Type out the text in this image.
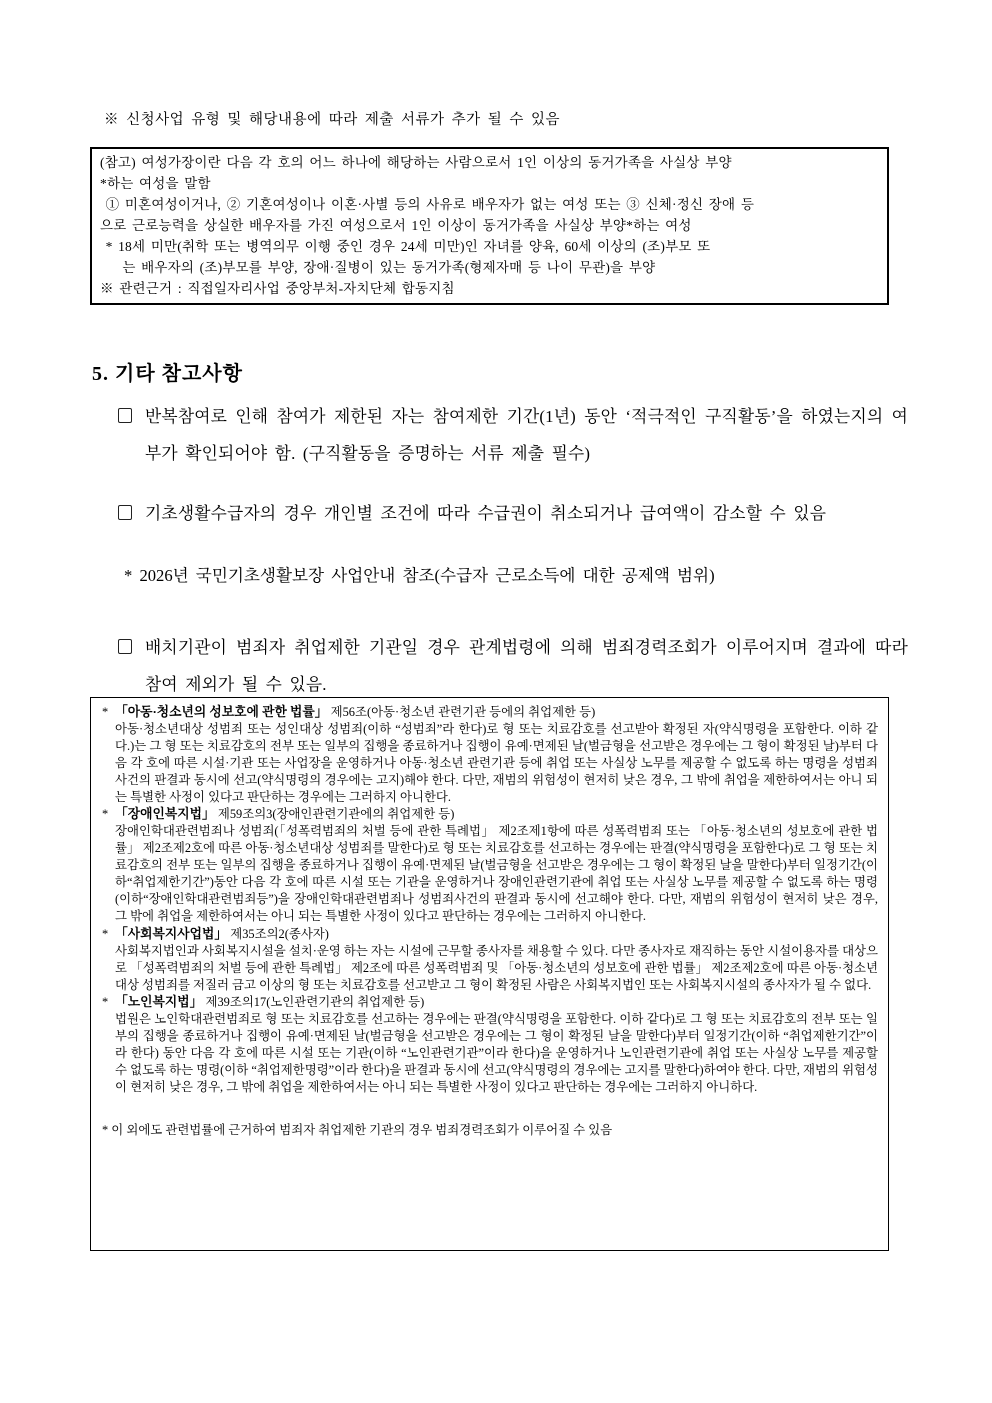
※ 신청사업 유형 및 해당내용에 따라 제출 서류가 추가 될 수 있음
(참고) 여성가장이란 다음 각 호의 어느 하나에 해당하는 사람으로서 1인 이상의 동거가족을 사실상 부양
*하는 여성을 말함
① 미혼여성이거나, ② 기혼여성이나 이혼·사별 등의 사유로 배우자가 없는 여성 또는 ③ 신체·정신 장애 등
으로 근로능력을 상실한 배우자를 가진 여성으로서 1인 이상이 동거가족을 사실상 부양*하는 여성
* 18세 미만(취학 또는 병역의무 이행 중인 경우 24세 미만)인 자녀를 양육, 60세 이상의 (조)부모 또
는 배우자의 (조)부모를 부양, 장애·질병이 있는 동거가족(형제자매 등 나이 무관)을 부양
※ 관련근거 : 직접일자리사업 중앙부처-자치단체 합동지침
5. 기타 참고사항
반복참여로 인해 참여가 제한된 자는 참여제한 기간(1년) 동안 ‘적극적인 구직활동’을 하였는지의 여부가 확인되어야 함. (구직활동을 증명하는 서류 제출 필수)
기초생활수급자의 경우 개인별 조건에 따라 수급권이 취소되거나 급여액이 감소할 수 있음
* 2026년 국민기초생활보장 사업안내 참조(수급자 근로소득에 대한 공제액 범위)
배치기관이 범죄자 취업제한 기관일 경우 관계법령에 의해 범죄경력조회가 이루어지며 결과에 따라 참여 제외가 될 수 있음.
* 「아동·청소년의 성보호에 관한 법률」 제56조(아동·청소년 관련기관 등에의 취업제한 등)
아동·청소년대상 성범죄 또는 성인대상 성범죄(이하 “성범죄”라 한다)로 형 또는 치료감호를 선고받아 확정된 자(약식명령을 포함한다. 이하 같다.)는 그 형 또는 치료감호의 전부 또는 일부의 집행을 종료하거나 집행이 유예·면제된 날(벌금형을 선고받은 경우에는 그 형이 확정된 날)부터 다음 각 호에 따른 시설·기관 또는 사업장을 운영하거나 아동·청소년 관련기관 등에 취업 또는 사실상 노무를 제공할 수 없도록 하는 명령을 성범죄 사건의 판결과 동시에 선고(약식명령의 경우에는 고지)해야 한다. 다만, 재범의 위험성이 현저히 낮은 경우, 그 밖에 취업을 제한하여서는 아니 되는 특별한 사정이 있다고 판단하는 경우에는 그러하지 아니한다.
* 「장애인복지법」 제59조의3(장애인관련기관에의 취업제한 등)
장애인학대관련범죄나 성범죄(「성폭력범죄의 처벌 등에 관한 특례법」 제2조제1항에 따른 성폭력범죄 또는 「아동·청소년의 성보호에 관한 법률」 제2조제2호에 따른 아동·청소년대상 성범죄를 말한다)로 형 또는 치료감호를 선고하는 경우에는 판결(약식명령을 포함한다)로 그 형 또는 치료감호의 전부 또는 일부의 집행을 종료하거나 집행이 유예·면제된 날(벌금형을 선고받은 경우에는 그 형이 확정된 날을 말한다)부터 일정기간(이하“취업제한기간”)동안 다음 각 호에 따른 시설 또는 기관을 운영하거나 장애인관련기관에 취업 또는 사실상 노무를 제공할 수 없도록 하는 명령(이하“장애인학대관련범죄등”)을 장애인학대관련범죄나 성범죄사건의 판결과 동시에 선고해야 한다. 다만, 재범의 위험성이 현저히 낮은 경우, 그 밖에 취업을 제한하여서는 아니 되는 특별한 사정이 있다고 판단하는 경우에는 그러하지 아니한다.
* 「사회복지사업법」 제35조의2(종사자)
사회복지법인과 사회복지시설을 설치·운영 하는 자는 시설에 근무할 종사자를 채용할 수 있다. 다만 종사자로 재직하는 동안 시설이용자를 대상으로 「성폭력범죄의 처벌 등에 관한 특례법」 제2조에 따른 성폭력범죄 및 「아동·청소년의 성보호에 관한 법률」 제2조제2호에 따른 아동·청소년대상 성범죄를 저질러 금고 이상의 형 또는 치료감호를 선고받고 그 형이 확정된 사람은 사회복지법인 또는 사회복지시설의 종사자가 될 수 없다.
* 「노인복지법」 제39조의17(노인관련기관의 취업제한 등)
법원은 노인학대관련범죄로 형 또는 치료감호를 선고하는 경우에는 판결(약식명령을 포함한다. 이하 같다)로 그 형 또는 치료감호의 전부 또는 일부의 집행을 종료하거나 집행이 유예·면제된 날(벌금형을 선고받은 경우에는 그 형이 확정된 날을 말한다)부터 일정기간(이하 “취업제한기간”이라 한다) 동안 다음 각 호에 따른 시설 또는 기관(이하 “노인관련기관”이라 한다)을 운영하거나 노인관련기관에 취업 또는 사실상 노무를 제공할 수 없도록 하는 명령(이하 “취업제한명령”이라 한다)을 판결과 동시에 선고(약식명령의 경우에는 고지를 말한다)하여야 한다. 다만, 재범의 위험성이 현저히 낮은 경우, 그 밖에 취업을 제한하여서는 아니 되는 특별한 사정이 있다고 판단하는 경우에는 그러하지 아니하다.
* 이 외에도 관련법률에 근거하여 범죄자 취업제한 기관의 경우 범죄경력조회가 이루어질 수 있음
